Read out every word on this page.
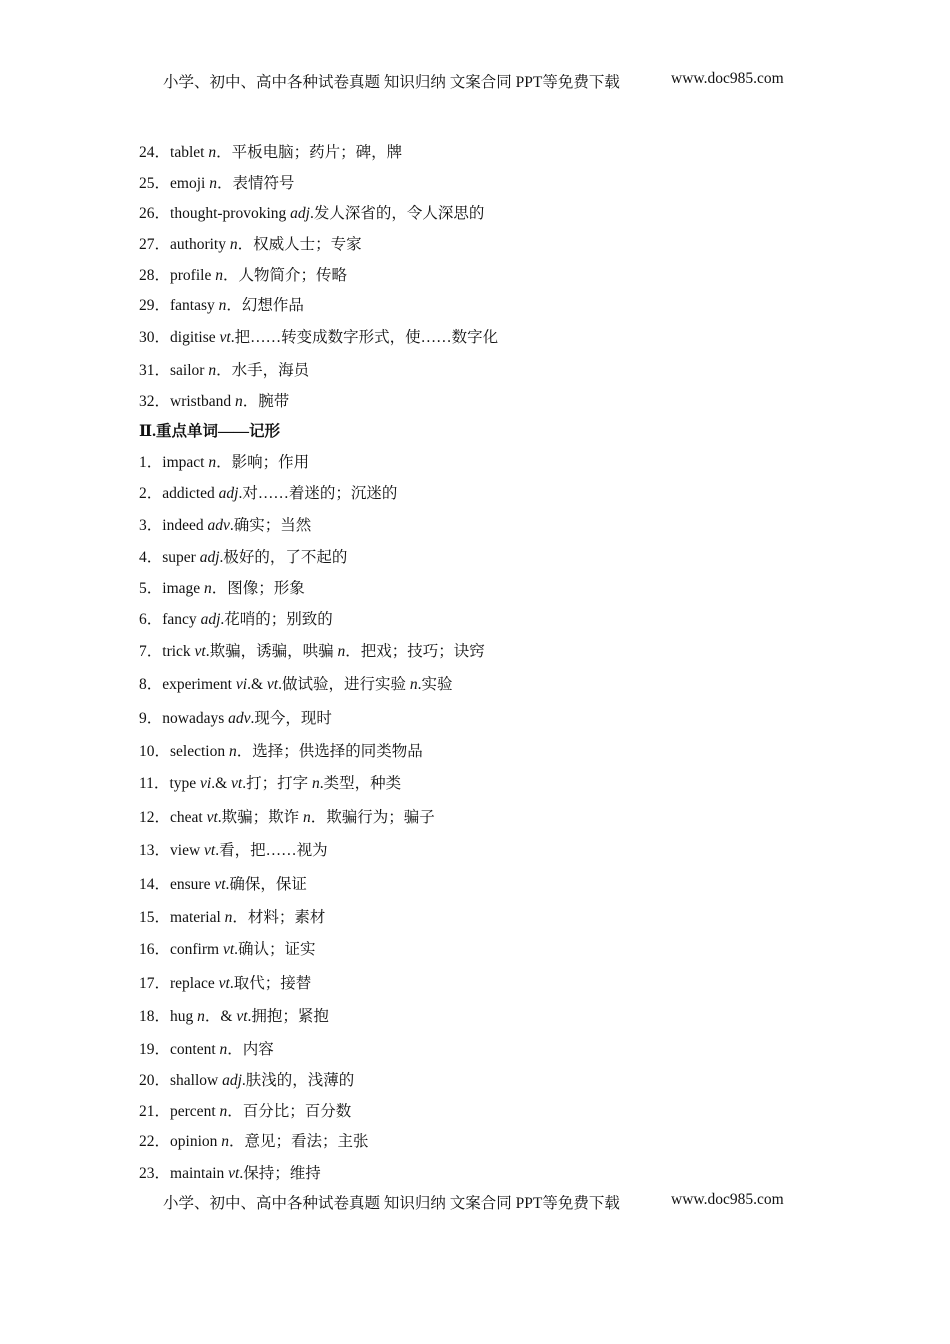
小学、初中、高中各种试卷真题 知识归纳 文案合同 PPT等免费下载	www.doc985.com
24．tablet n．平板电脑；药片；碑，牌
25．emoji n．表情符号
26．thought-provoking adj.发人深省的，令人深思的
27．authority n．权威人士；专家
28．profile n．人物简介；传略
29．fantasy n．幻想作品
30．digitise vt.把……转变成数字形式，使……数字化
31．sailor n．水手，海员
32．wristband n．腕带
Ⅱ.重点单词——记形
1．impact n．影响；作用
2．addicted adj.对……着迷的；沉迷的
3．indeed adv.确实；当然
4．super adj.极好的，了不起的
5．image n．图像；形象
6．fancy adj.花哨的；别致的
7．trick vt.欺骗，诱骗，哄骗 n．把戏；技巧；诀窍
8．experiment vi.& vt.做试验，进行实验 n.实验
9．nowadays adv.现今，现时
10．selection n．选择；供选择的同类物品
11．type vi.& vt.打；打字 n.类型，种类
12．cheat vt.欺骗；欺诈 n．欺骗行为；骗子
13．view vt.看，把……视为
14．ensure vt.确保，保证
15．material n．材料；素材
16．confirm vt.确认；证实
17．replace vt.取代；接替
18．hug n．& vt.拥抱；紧抱
19．content n．内容
20．shallow adj.肤浅的，浅薄的
21．percent n．百分比；百分数
22．opinion n．意见；看法；主张
23．maintain vt.保持；维持
小学、初中、高中各种试卷真题 知识归纳 文案合同 PPT等免费下载	www.doc985.com
